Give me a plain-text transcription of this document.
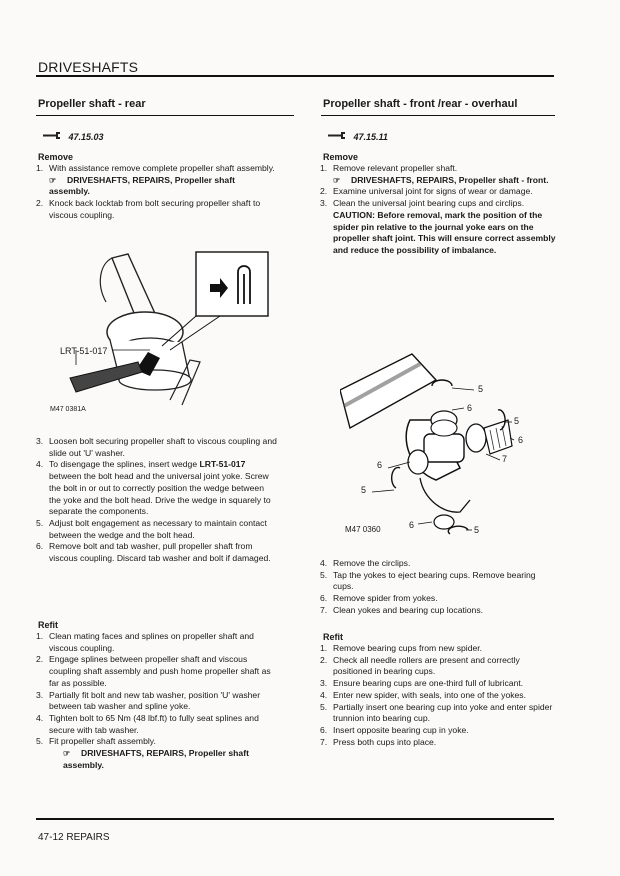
DRIVESHAFTS
Propeller shaft - rear
47.15.03
Propeller shaft - front /rear - overhaul
47.15.11
Remove
1. With assistance remove complete propeller shaft assembly.
☞ DRIVESHAFTS, REPAIRS, Propeller shaft assembly.
2. Knock back locktab from bolt securing propeller shaft to viscous coupling.
LRT-51-017
M47 0381A
3. Loosen bolt securing propeller shaft to viscous coupling and slide out 'U' washer.
4. To disengage the splines, insert wedge LRT-51-017 between the bolt head and the universal joint yoke. Screw the bolt in or out to correctly position the wedge between the yoke and the bolt head. Drive the wedge in squarely to separate the components.
5. Adjust bolt engagement as necessary to maintain contact between the wedge and the bolt head.
6. Remove bolt and tab washer, pull propeller shaft from viscous coupling. Discard tab washer and bolt if damaged.
Refit
1. Clean mating faces and splines on propeller shaft and viscous coupling.
2. Engage splines between propeller shaft and viscous coupling shaft assembly and push home propeller shaft as far as possible.
3. Partially fit bolt and new tab washer, position 'U' washer between tab washer and spline yoke.
4. Tighten bolt to 65 Nm (48 lbf.ft) to fully seat splines and secure with tab washer.
5. Fit propeller shaft assembly.
☞ DRIVESHAFTS, REPAIRS, Propeller shaft assembly.
Remove
1. Remove relevant propeller shaft.
☞ DRIVESHAFTS, REPAIRS, Propeller shaft - front.
2. Examine universal joint for signs of wear or damage.
3. Clean the universal joint bearing cups and circlips.
CAUTION: Before removal, mark the position of the spider pin relative to the journal yoke ears on the propeller shaft joint. This will ensure correct assembly and reduce the possibility of imbalance.
5
6
5
6
7
6
5
6	5
M47 0360
4. Remove the circlips.
5. Tap the yokes to eject bearing cups. Remove bearing cups.
6. Remove spider from yokes.
7. Clean yokes and bearing cup locations.
Refit
1. Remove bearing cups from new spider.
2. Check all needle rollers are present and correctly positioned in bearing cups.
3. Ensure bearing cups are one-third full of lubricant.
4. Enter new spider, with seals, into one of the yokes.
5. Partially insert one bearing cup into yoke and enter spider trunnion into bearing cup.
6. Insert opposite bearing cup in yoke.
7. Press both cups into place.
47-12 REPAIRS
